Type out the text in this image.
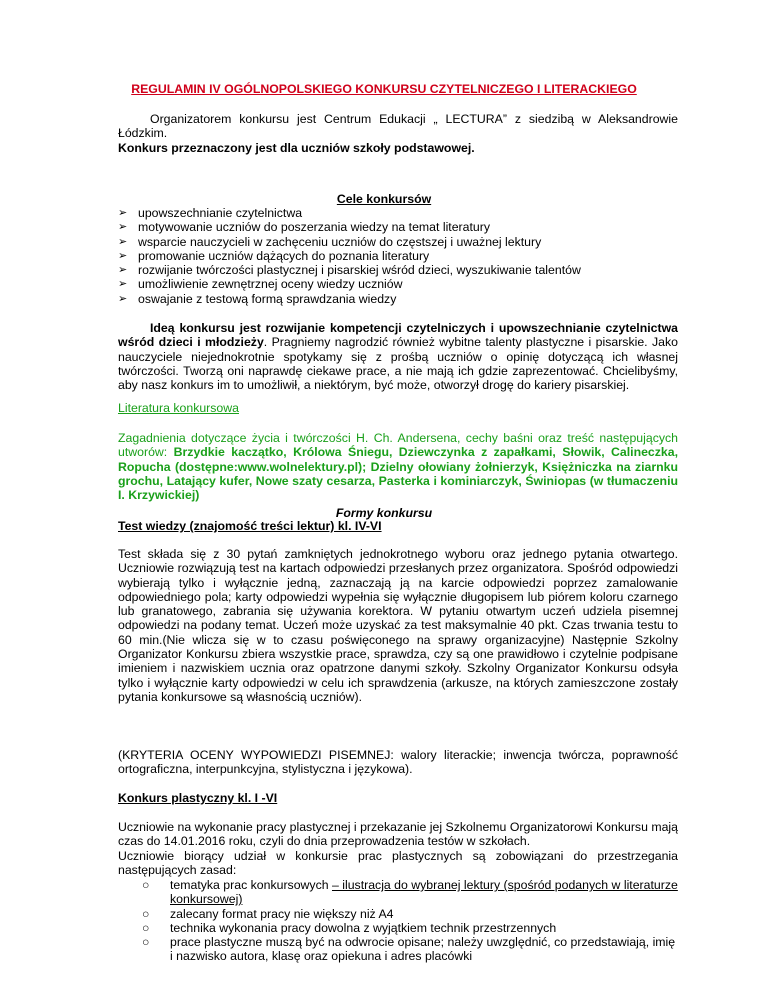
REGULAMIN IV OGÓLNOPOLSKIEGO KONKURSU CZYTELNICZEGO I LITERACKIEGO
Organizatorem konkursu jest Centrum Edukacji „ LECTURA” z siedzibą w Aleksandrowie Łódzkim.
Konkurs przeznaczony jest dla uczniów szkoły podstawowej.
Cele konkursów
➢ upowszechnianie czytelnictwa
➢ motywowanie uczniów do poszerzania wiedzy na temat literatury
➢ wsparcie nauczycieli w zachęceniu uczniów do częstszej i uważnej lektury
➢ promowanie uczniów dążących do poznania literatury
➢ rozwijanie twórczości plastycznej i pisarskiej wśród dzieci, wyszukiwanie talentów
➢ umożliwienie zewnętrznej oceny wiedzy uczniów
➢ oswajanie z testową formą sprawdzania wiedzy
Ideą konkursu jest rozwijanie kompetencji czytelniczych i upowszechnianie czytelnictwa wśród dzieci i młodzieży. Pragniemy nagrodzić również wybitne talenty plastyczne i pisarskie. Jako nauczyciele niejednokrotnie spotykamy się z prośbą uczniów o opinię dotyczącą ich własnej twórczości. Tworzą oni naprawdę ciekawe prace, a nie mają ich gdzie zaprezentować. Chcielibyśmy, aby nasz konkurs im to umożliwił, a niektórym, być może, otworzył drogę do kariery pisarskiej.
Literatura konkursowa
Zagadnienia dotyczące życia i twórczości H. Ch. Andersena, cechy baśni oraz treść następujących utworów: Brzydkie kaczątko, Królowa Śniegu, Dziewczynka z zapałkami, Słowik, Calineczka, Ropucha (dostępne:www.wolnelektury.pl); Dzielny ołowiany żołnierzyk, Księżniczka na ziarnku grochu, Latający kufer, Nowe szaty cesarza, Pasterka i kominiarczyk, Świniopas (w tłumaczeniu I. Krzywickiej)
Formy konkursu
Test wiedzy (znajomość treści lektur) kl. IV-VI
Test składa się z 30 pytań zamkniętych jednokrotnego wyboru oraz jednego pytania otwartego. Uczniowie rozwiązują test na kartach odpowiedzi przesłanych przez organizatora. Spośród odpowiedzi wybierają tylko i wyłącznie jedną, zaznaczają ją na karcie odpowiedzi poprzez zamalowanie odpowiedniego pola; karty odpowiedzi wypełnia się wyłącznie długopisem lub piórem koloru czarnego lub granatowego, zabrania się używania korektora. W pytaniu otwartym uczeń udziela pisemnej odpowiedzi na podany temat. Uczeń może uzyskać za test maksymalnie 40 pkt. Czas trwania testu to 60 min.(Nie wlicza się w to czasu poświęconego na sprawy organizacyjne) Następnie Szkolny Organizator Konkursu zbiera wszystkie prace, sprawdza, czy są one prawidłowo i czytelnie podpisane imieniem i nazwiskiem ucznia oraz opatrzone danymi szkoły. Szkolny Organizator Konkursu odsyła tylko i wyłącznie karty odpowiedzi w celu ich sprawdzenia (arkusze, na których zamieszczone zostały pytania konkursowe są własnością uczniów).
(KRYTERIA OCENY WYPOWIEDZI PISEMNEJ: walory literackie; inwencja twórcza, poprawność ortograficzna, interpunkcyjna, stylistyczna i językowa).
Konkurs plastyczny kl. I -VI
Uczniowie na wykonanie pracy plastycznej i przekazanie jej Szkolnemu Organizatorowi Konkursu mają czas do 14.01.2016 roku, czyli do dnia przeprowadzenia testów w szkołach.
Uczniowie biorący udział w konkursie prac plastycznych są zobowiązani do przestrzegania następujących zasad:
○ tematyka prac konkursowych – ilustracja do wybranej lektury (spośród podanych w literaturze konkursowej)
○ zalecany format pracy nie większy niż A4
○ technika wykonania pracy dowolna z wyjątkiem technik przestrzennych
○ prace plastyczne muszą być na odwrocie opisane; należy uwzględnić, co przedstawiają, imię i nazwisko autora, klasę oraz opiekuna i adres placówki
